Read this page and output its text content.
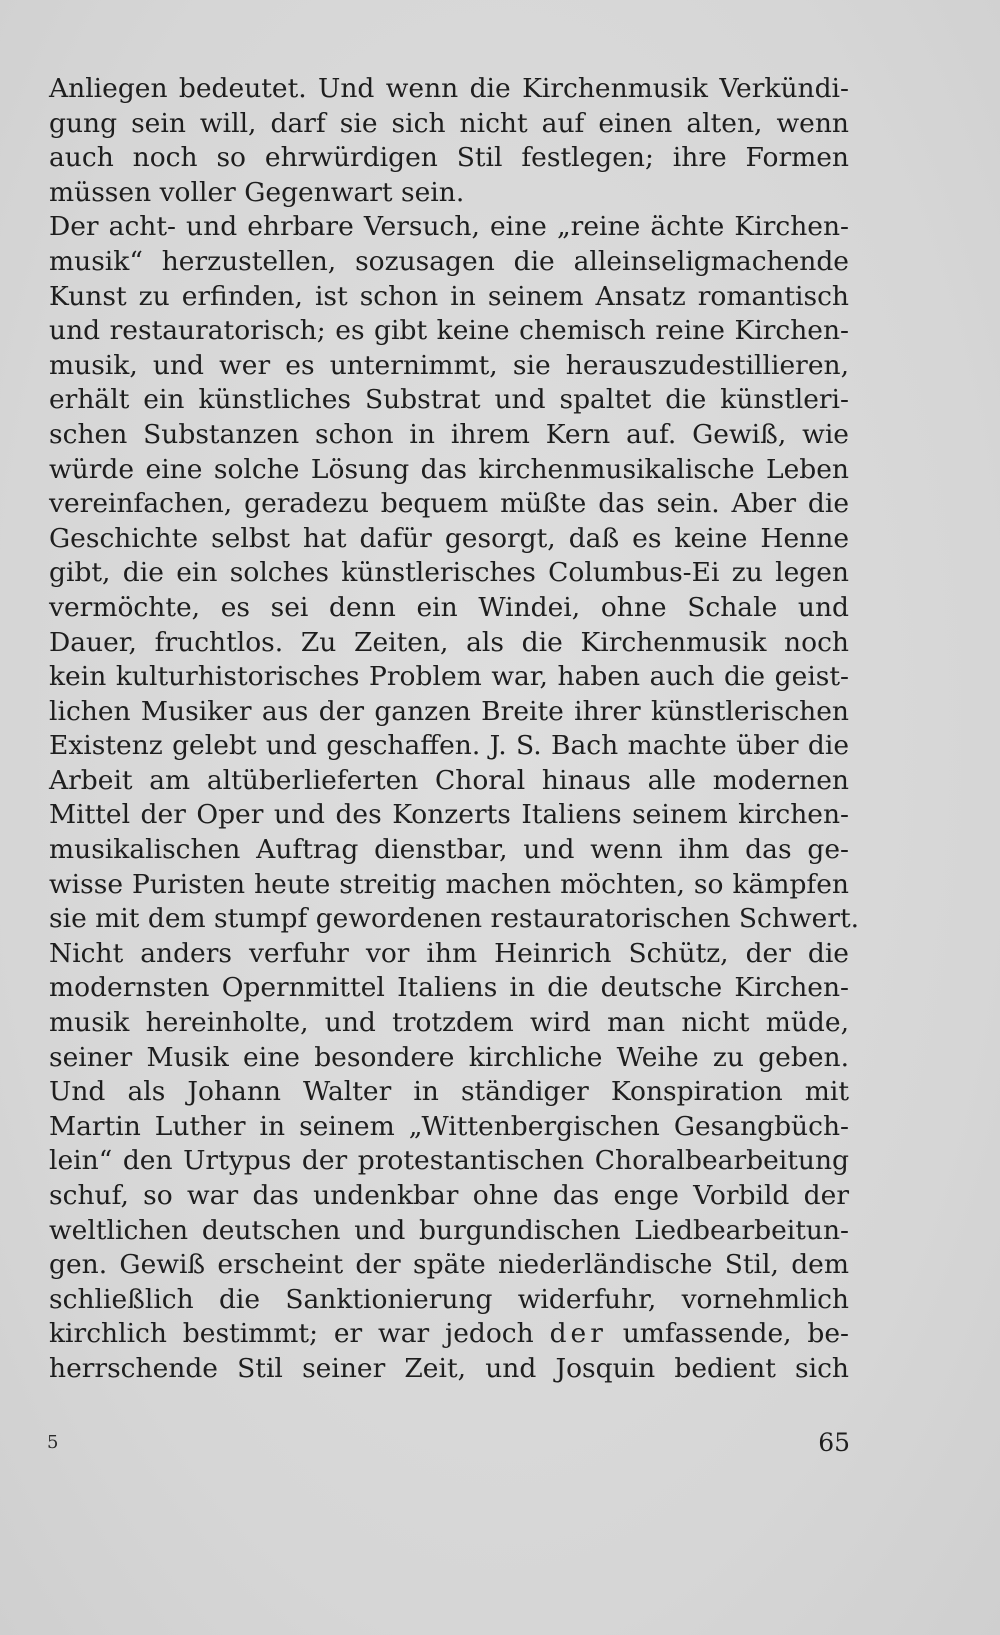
Anliegen bedeutet. Und wenn die Kirchenmusik Verkündi-
gung sein will, darf sie sich nicht auf einen alten, wenn
auch noch so ehrwürdigen Stil festlegen; ihre Formen
müssen voller Gegenwart sein.
Der acht- und ehrbare Versuch, eine „reine ächte Kirchen-
musik“ herzustellen, sozusagen die alleinseligmachende
Kunst zu erfinden, ist schon in seinem Ansatz romantisch
und restauratorisch; es gibt keine chemisch reine Kirchen-
musik, und wer es unternimmt, sie herauszudestillieren,
erhält ein künstliches Substrat und spaltet die künstleri-
schen Substanzen schon in ihrem Kern auf. Gewiß, wie
würde eine solche Lösung das kirchenmusikalische Leben
vereinfachen, geradezu bequem müßte das sein. Aber die
Geschichte selbst hat dafür gesorgt, daß es keine Henne
gibt, die ein solches künstlerisches Columbus-Ei zu legen
vermöchte, es sei denn ein Windei, ohne Schale und
Dauer, fruchtlos. Zu Zeiten, als die Kirchenmusik noch
kein kulturhistorisches Problem war, haben auch die geist-
lichen Musiker aus der ganzen Breite ihrer künstlerischen
Existenz gelebt und geschaffen. J. S. Bach machte über die
Arbeit am altüberlieferten Choral hinaus alle modernen
Mittel der Oper und des Konzerts Italiens seinem kirchen-
musikalischen Auftrag dienstbar, und wenn ihm das ge-
wisse Puristen heute streitig machen möchten, so kämpfen
sie mit dem stumpf gewordenen restauratorischen Schwert.
Nicht anders verfuhr vor ihm Heinrich Schütz, der die
modernsten Opernmittel Italiens in die deutsche Kirchen-
musik hereinholte, und trotzdem wird man nicht müde,
seiner Musik eine besondere kirchliche Weihe zu geben.
Und als Johann Walter in ständiger Konspiration mit
Martin Luther in seinem „Wittenbergischen Gesangbüch-
lein“ den Urtypus der protestantischen Choralbearbeitung
schuf, so war das undenkbar ohne das enge Vorbild der
weltlichen deutschen und burgundischen Liedbearbeitun-
gen. Gewiß erscheint der späte niederländische Stil, dem
schließlich die Sanktionierung widerfuhr, vornehmlich
kirchlich bestimmt; er war jedoch der umfassende, be-
herrschende Stil seiner Zeit, und Josquin bedient sich
5	65
